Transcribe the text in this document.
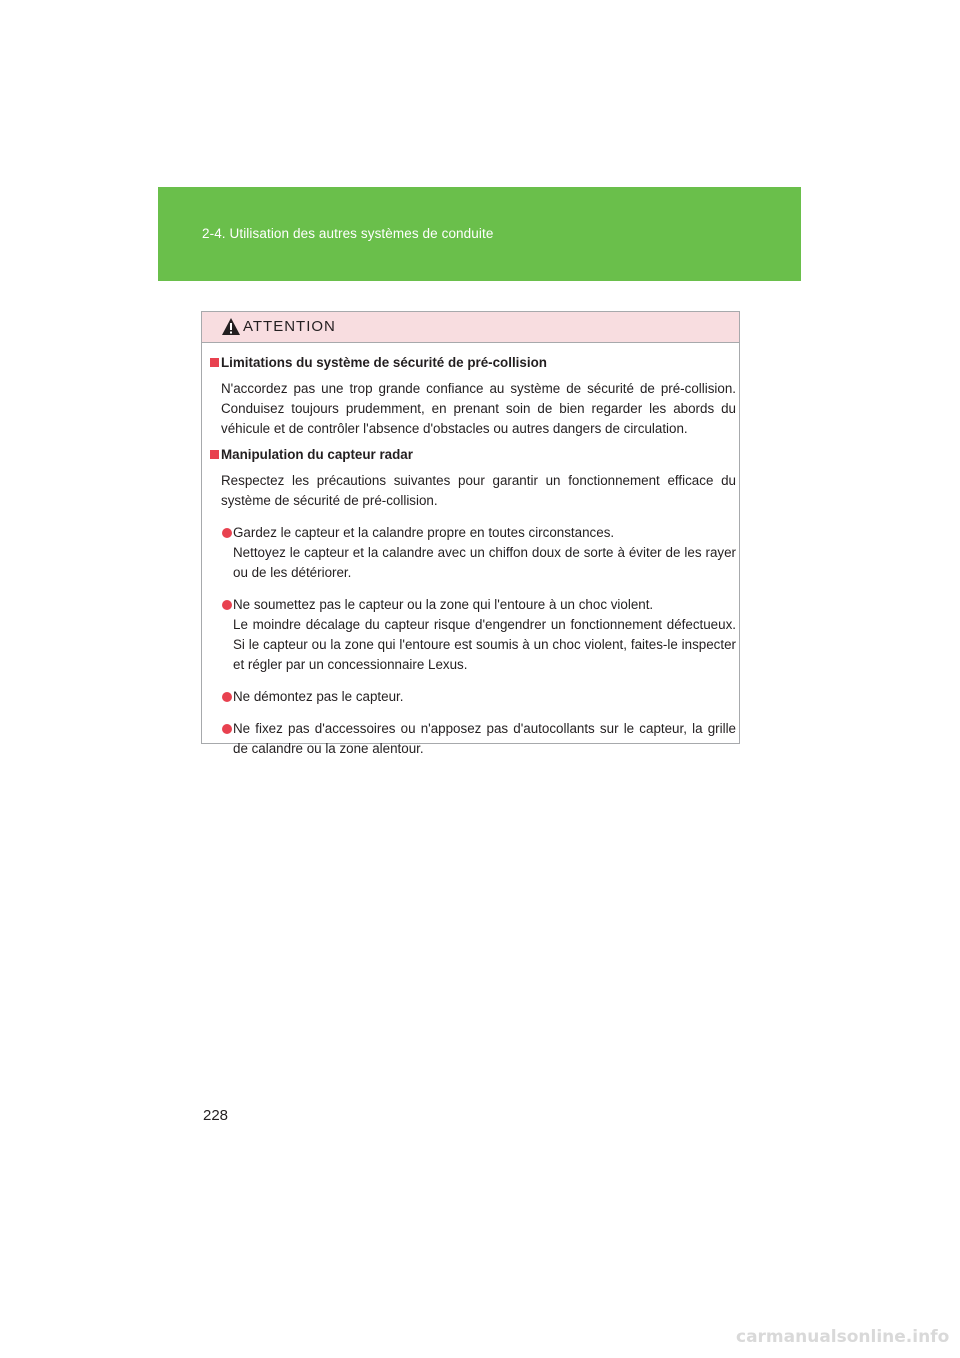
2-4. Utilisation des autres systèmes de conduite
ATTENTION
Limitations du système de sécurité de pré-collision
N'accordez pas une trop grande confiance au système de sécurité de pré-collision. Conduisez toujours prudemment, en prenant soin de bien regarder les abords du véhicule et de contrôler l'absence d'obstacles ou autres dangers de circulation.
Manipulation du capteur radar
Respectez les précautions suivantes pour garantir un fonctionnement efficace du système de sécurité de pré-collision.
Gardez le capteur et la calandre propre en toutes circonstances.
Nettoyez le capteur et la calandre avec un chiffon doux de sorte à éviter de les rayer ou de les détériorer.
Ne soumettez pas le capteur ou la zone qui l'entoure à un choc violent.
Le moindre décalage du capteur risque d'engendrer un fonctionnement défectueux. Si le capteur ou la zone qui l'entoure est soumis à un choc violent, faites-le inspecter et régler par un concessionnaire Lexus.
Ne démontez pas le capteur.
Ne fixez pas d'accessoires ou n'apposez pas d'autocollants sur le capteur, la grille de calandre ou la zone alentour.
228
carmanualsonline.info
